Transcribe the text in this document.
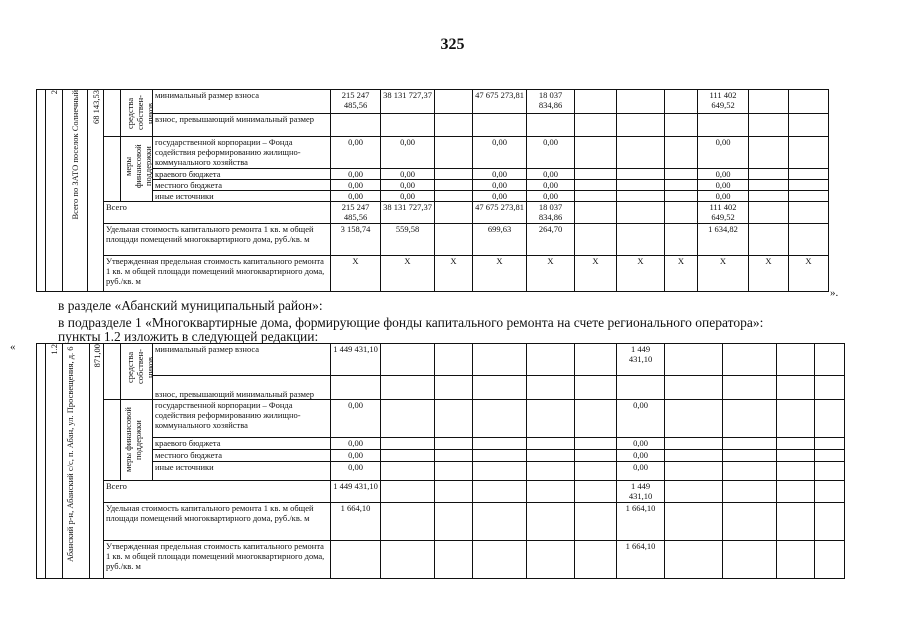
325

	2	Всего по ЗАТО поселок Солнечный	68 143,53		средства собствен-ников	минимальный размер взноса	215 247 485,56	38 131 727,37		47 675 273,81	18 037 834,86				111 402 649,52		
						взнос, превышающий минимальный размер											

					меры финансовой поддержки	государственной корпорации – Фонда содействия реформированию жилищно-коммунального хозяйства	0,00	0,00		0,00	0,00				0,00		
						краевого бюджета	0,00	0,00		0,00	0,00				0,00		
						местного бюджета	0,00	0,00		0,00	0,00				0,00		
						иные источники	0,00	0,00		0,00	0,00				0,00		
				Всего			215 247 485,56	38 131 727,37		47 675 273,81	18 037 834,86				111 402 649,52		
				Удельная стоимость капитального ремонта 1 кв. м общей площади помещений многоквартирного дома, руб./кв. м			3 158,74	559,58		699,63	264,70				1 634,82		
				Утвержденная предельная стоимость капитального ремонта 1 кв. м общей площади помещений многоквартирного дома, руб./кв. м			X	X	X	X	X	X	X	X	X	X	X
».
в разделе «Абанский муниципальный район»:
в подразделе 1 «Многоквартирные дома, формирующие фонды капитального ремонта на счете регионального оператора»:
пункты 1.2 изложить в следующей редакции:
«

	1.2	Абанский р-н, Абанский с/с, п. Абан, ул. Просвещения, д. 6	871,00		средства собствен-ников	минимальный размер взноса	1 449 431,10						1 449 431,10				
						взнос, превышающий минимальный размер											

					меры финансовой поддержки	государственной корпорации – Фонда содействия реформированию жилищно-коммунального хозяйства	0,00						0,00				
						краевого бюджета	0,00						0,00				
						местного бюджета	0,00						0,00				
						иные источники	0,00						0,00				
				Всего			1 449 431,10						1 449 431,10				
				Удельная стоимость капитального ремонта 1 кв. м общей площади помещений многоквартирного дома, руб./кв. м			1 664,10						1 664,10				
				Утвержденная предельная стоимость капитального ремонта 1 кв. м общей площади помещений многоквартирного дома, руб./кв. м									1 664,10				
